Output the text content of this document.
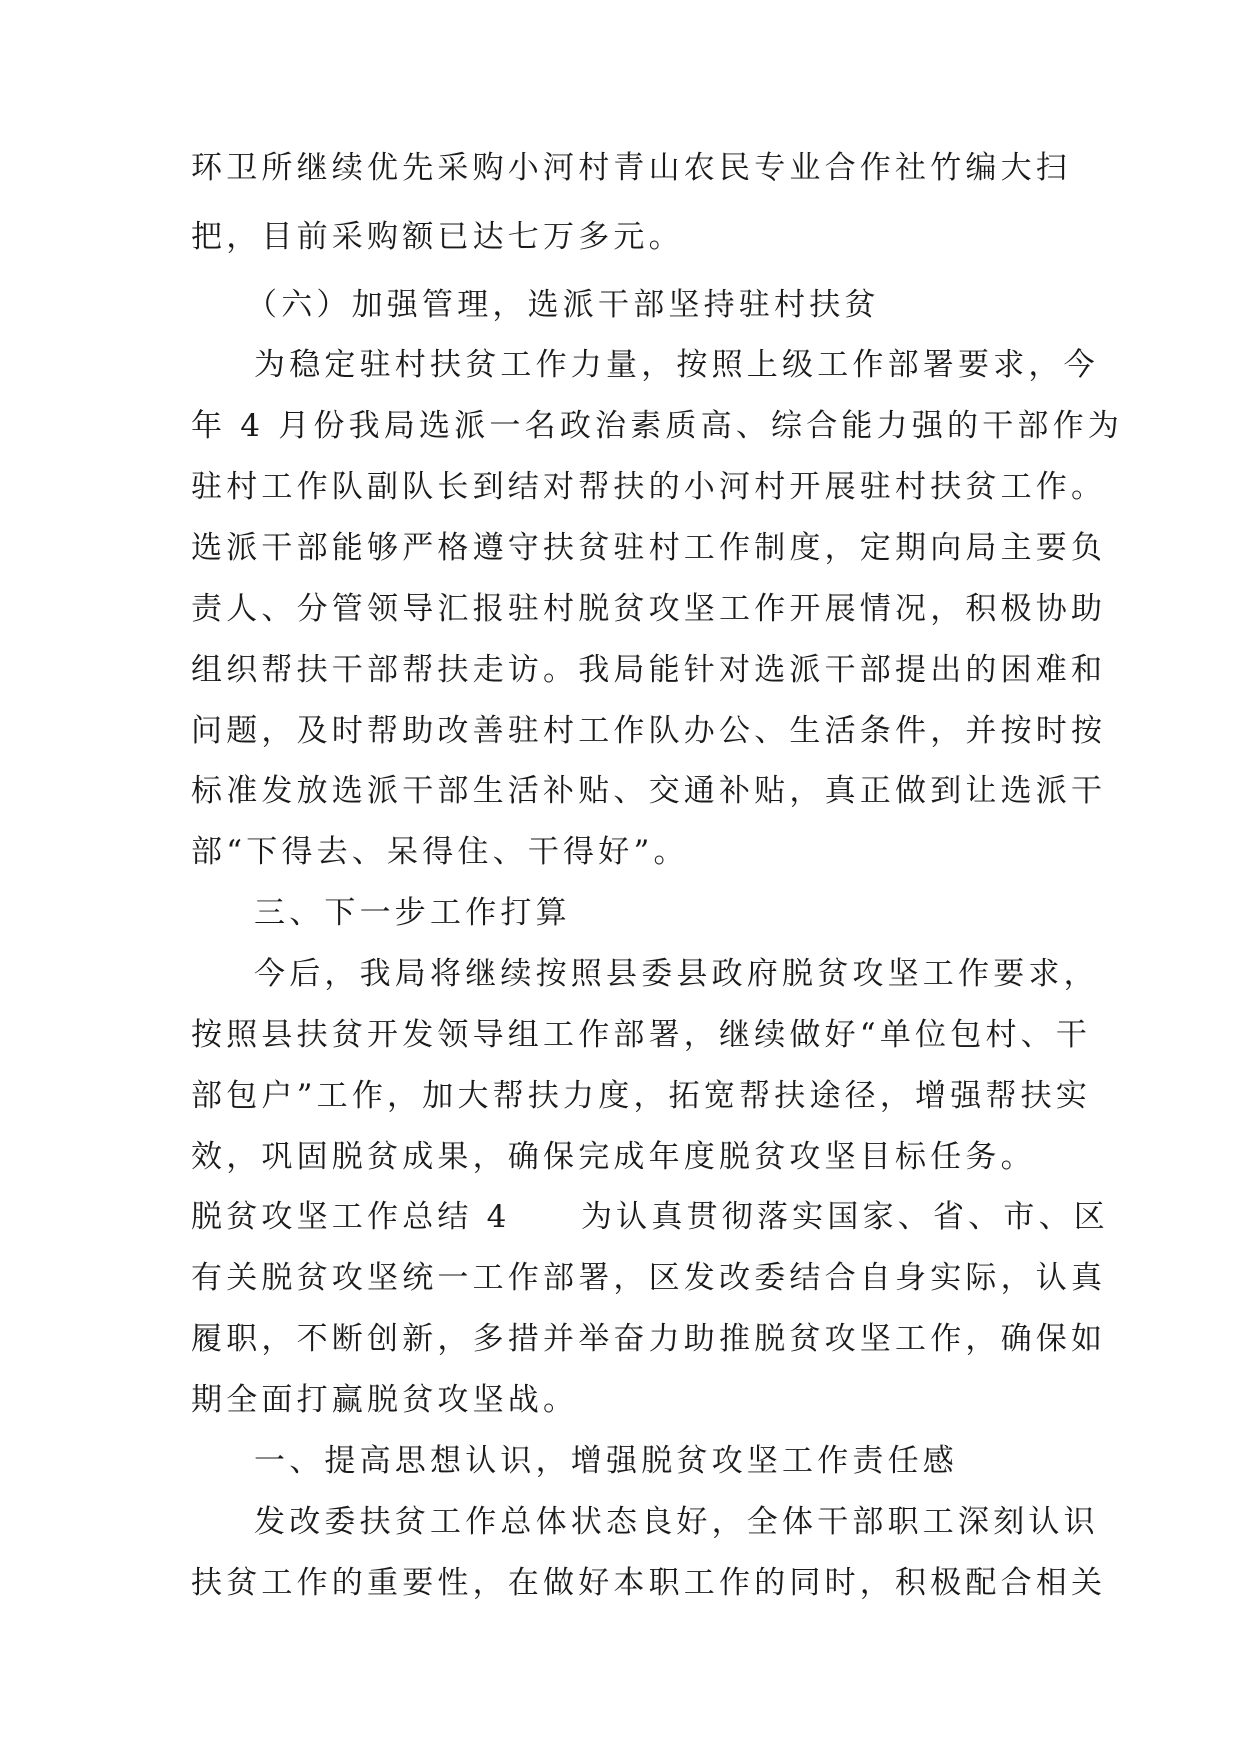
环卫所继续优先采购小河村青山农民专业合作社竹编大扫

把，目前采购额已达七万多元。

（六）加强管理，选派干部坚持驻村扶贫

为稳定驻村扶贫工作力量，按照上级工作部署要求，今

年 4 月份我局选派一名政治素质高、综合能力强的干部作为

驻村工作队副队长到结对帮扶的小河村开展驻村扶贫工作。

选派干部能够严格遵守扶贫驻村工作制度，定期向局主要负

责人、分管领导汇报驻村脱贫攻坚工作开展情况，积极协助

组织帮扶干部帮扶走访。我局能针对选派干部提出的困难和

问题，及时帮助改善驻村工作队办公、生活条件，并按时按

标准发放选派干部生活补贴、交通补贴，真正做到让选派干

部“下得去、呆得住、干得好”。

三、下一步工作打算

今后，我局将继续按照县委县政府脱贫攻坚工作要求，

按照县扶贫开发领导组工作部署，继续做好“单位包村、干

部包户”工作，加大帮扶力度，拓宽帮扶途径，增强帮扶实

效，巩固脱贫成果，确保完成年度脱贫攻坚目标任务。

脱贫攻坚工作总结 4　　为认真贯彻落实国家、省、市、区

有关脱贫攻坚统一工作部署，区发改委结合自身实际，认真

履职，不断创新，多措并举奋力助推脱贫攻坚工作，确保如

期全面打赢脱贫攻坚战。

一、提高思想认识，增强脱贫攻坚工作责任感

发改委扶贫工作总体状态良好，全体干部职工深刻认识

扶贫工作的重要性，在做好本职工作的同时，积极配合相关
